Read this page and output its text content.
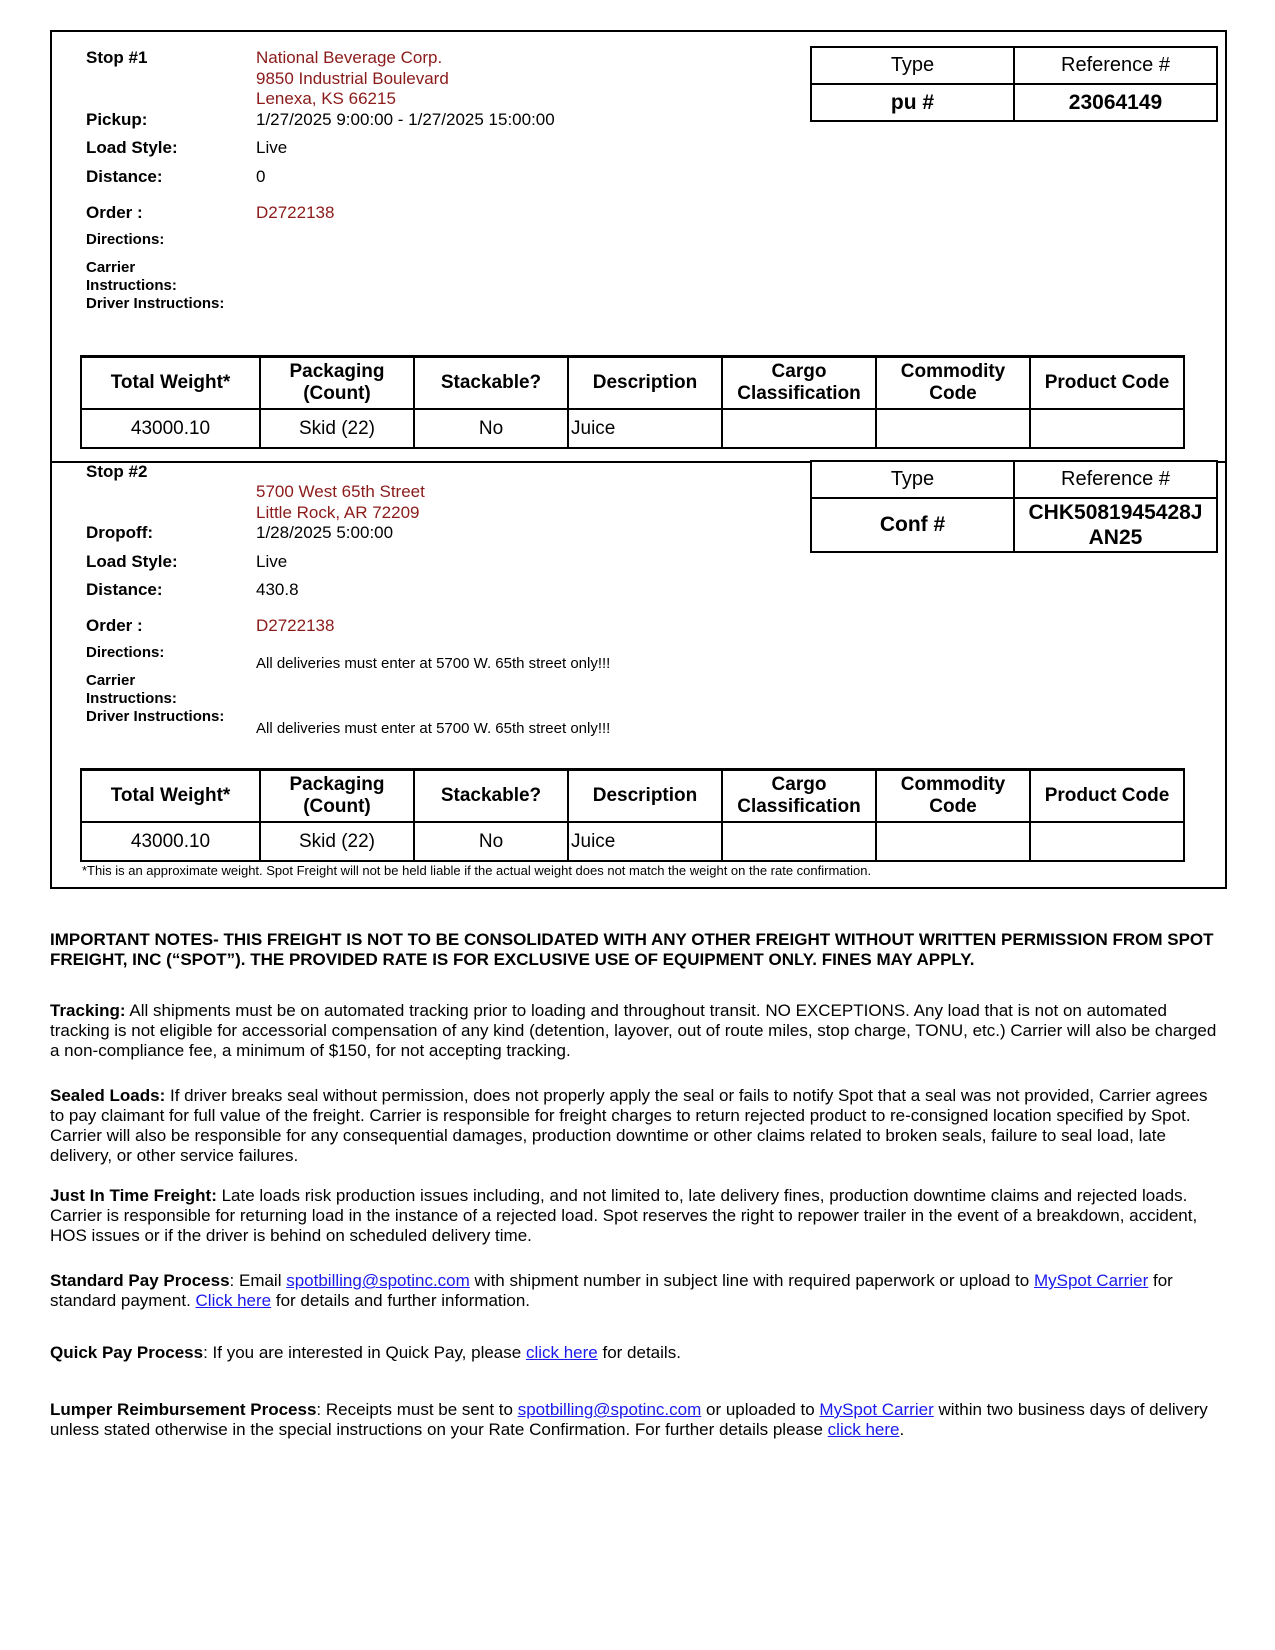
Stop #1	National Beverage Corp.
9850 Industrial Boulevard
Lenexa, KS 66215
Pickup:	1/27/2025 9:00:00 - 1/27/2025 15:00:00
Load Style:	Live
Distance:	0
Order :	D2722138
Directions:
Carrier
Instructions:
Driver Instructions:
Type	Reference #
pu #	23064149
Total Weight*	Packaging (Count)	Stackable?	Description	Cargo Classification	Commodity Code	Product Code
43000.10	Skid (22)	No	Juice			
Stop #2
5700 West 65th Street
Little Rock, AR 72209
Dropoff:	1/28/2025 5:00:00
Load Style:	Live
Distance:	430.8
Order :	D2722138
Directions:
All deliveries must enter at 5700 W. 65th street only!!!
Carrier
Instructions:
Driver Instructions:
All deliveries must enter at 5700 W. 65th street only!!!
Type	Reference #
Conf #	CHK5081945428J
AN25
Total Weight*	Packaging (Count)	Stackable?	Description	Cargo Classification	Commodity Code	Product Code
43000.10	Skid (22)	No	Juice			
*This is an approximate weight. Spot Freight will not be held liable if the actual weight does not match the weight on the rate confirmation.
IMPORTANT NOTES- THIS FREIGHT IS NOT TO BE CONSOLIDATED WITH ANY OTHER FREIGHT WITHOUT WRITTEN PERMISSION FROM SPOT FREIGHT, INC (“SPOT”). THE PROVIDED RATE IS FOR EXCLUSIVE USE OF EQUIPMENT ONLY. FINES MAY APPLY.
Tracking: All shipments must be on automated tracking prior to loading and throughout transit. NO EXCEPTIONS. Any load that is not on automated tracking is not eligible for accessorial compensation of any kind (detention, layover, out of route miles, stop charge, TONU, etc.) Carrier will also be charged a non-compliance fee, a minimum of $150, for not accepting tracking.
Sealed Loads: If driver breaks seal without permission, does not properly apply the seal or fails to notify Spot that a seal was not provided, Carrier agrees to pay claimant for full value of the freight. Carrier is responsible for freight charges to return rejected product to re-consigned location specified by Spot. Carrier will also be responsible for any consequential damages, production downtime or other claims related to broken seals, failure to seal load, late delivery, or other service failures.
Just In Time Freight: Late loads risk production issues including, and not limited to, late delivery fines, production downtime claims and rejected loads. Carrier is responsible for returning load in the instance of a rejected load. Spot reserves the right to repower trailer in the event of a breakdown, accident, HOS issues or if the driver is behind on scheduled delivery time.
Standard Pay Process: Email spotbilling@spotinc.com with shipment number in subject line with required paperwork or upload to MySpot Carrier for standard payment. Click here for details and further information.
Quick Pay Process: If you are interested in Quick Pay, please click here for details.
Lumper Reimbursement Process: Receipts must be sent to spotbilling@spotinc.com or uploaded to MySpot Carrier within two business days of delivery unless stated otherwise in the special instructions on your Rate Confirmation. For further details please click here.
